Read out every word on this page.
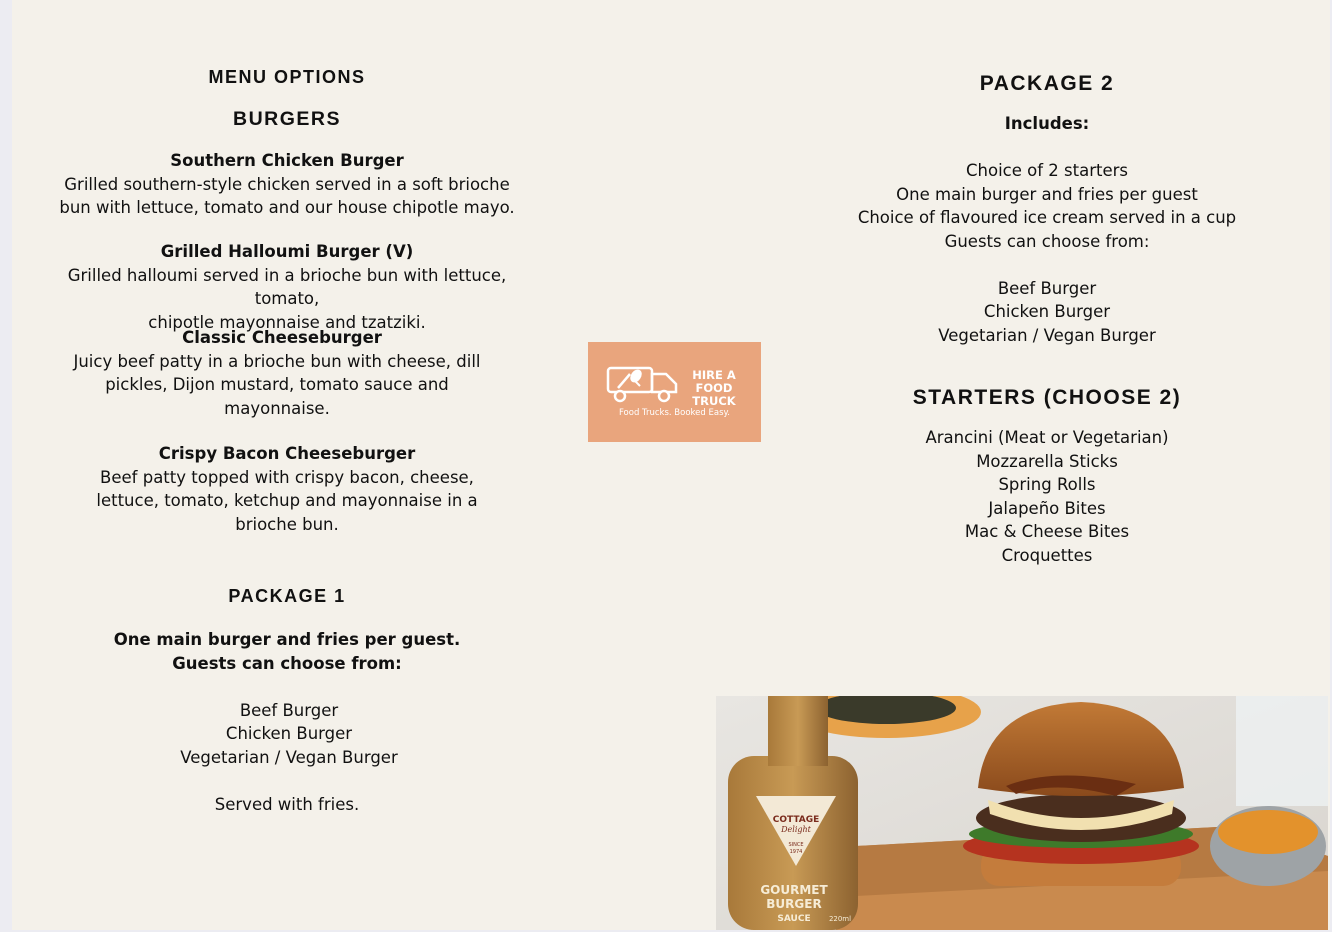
MENU OPTIONS
BURGERS
Southern Chicken Burger
Grilled southern-style chicken served in a soft brioche
bun with lettuce, tomato and our house chipotle mayo.
Grilled Halloumi Burger (V)
Grilled halloumi served in a brioche bun with lettuce, tomato,
chipotle mayonnaise and tzatziki.
Classic Cheeseburger
Juicy beef patty in a brioche bun with cheese, dill
pickles, Dijon mustard, tomato sauce and
mayonnaise.
Crispy Bacon Cheeseburger
Beef patty topped with crispy bacon, cheese,
lettuce, tomato, ketchup and mayonnaise in a
brioche bun.
PACKAGE 1
One main burger and fries per guest.
Guests can choose from:
Beef Burger
Chicken Burger
Vegetarian / Vegan Burger
Served with fries.
HIRE A
FOOD
TRUCK
Food Trucks. Booked Easy.
PACKAGE 2
Includes:
Choice of 2 starters
One main burger and fries per guest
Choice of flavoured ice cream served in a cup
Guests can choose from:
Beef Burger
Chicken Burger
Vegetarian / Vegan Burger
STARTERS (CHOOSE 2)
Arancini (Meat or Vegetarian)
Mozzarella Sticks
Spring Rolls
Jalapeño Bites
Mac & Cheese Bites
Croquettes
COTTAGE
Delight
SINCE
1974
GOURMET
BURGER
SAUCE	220ml
